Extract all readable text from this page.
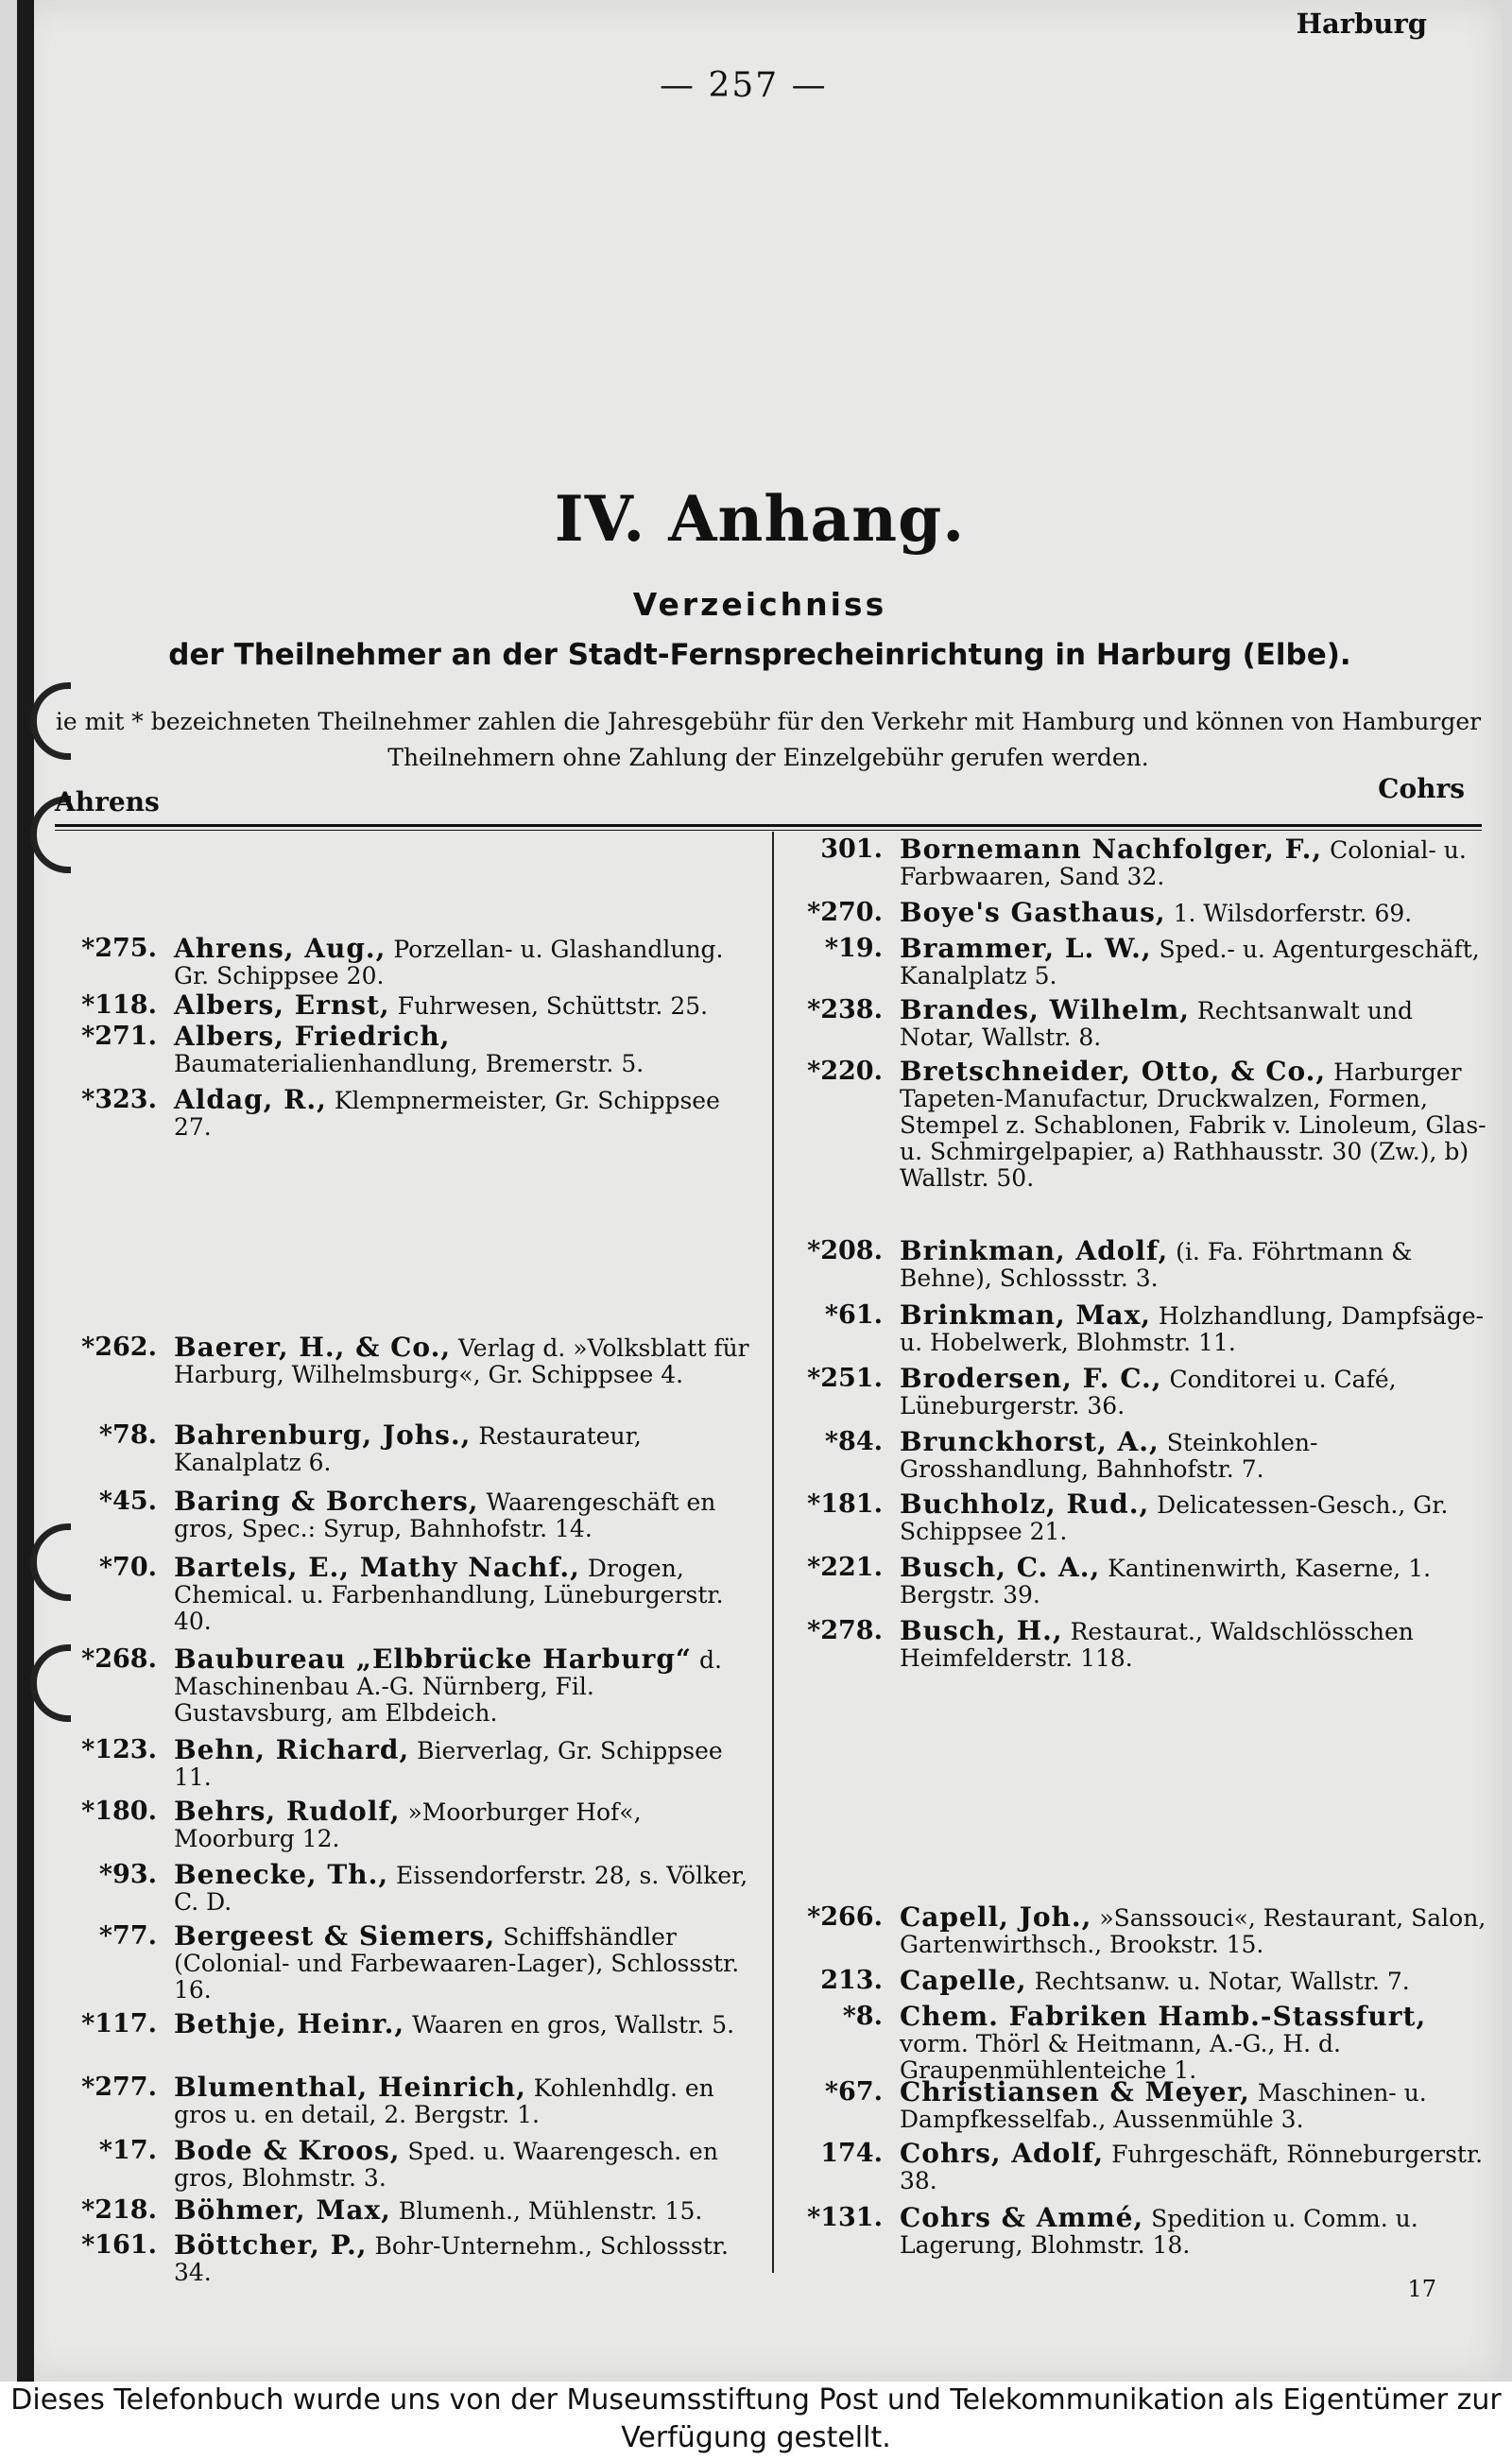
Harburg
— 257 —
IV. Anhang.
Verzeichniss
der Theilnehmer an der Stadt-Fernsprecheinrichtung in Harburg (Elbe).
ie mit * bezeichneten Theilnehmer zahlen die Jahresgebühr für den Verkehr mit Hamburg und können von Hamburger Theilnehmern ohne Zahlung der Einzelgebühr gerufen werden.
Ahrens	Cohrs
*275. Ahrens, Aug., Porzellan- u. Glashandlung. Gr. Schippsee 20.
*118. Albers, Ernst, Fuhrwesen, Schüttstr. 25.
*271. Albers, Friedrich, Baumaterialienhandlung, Bremerstr. 5.
*323. Aldag, R., Klempnermeister, Gr. Schippsee 27.
*262. Baerer, H., & Co., Verlag d. »Volksblatt für Harburg, Wilhelmsburg«, Gr. Schippsee 4.
*78. Bahrenburg, Johs., Restaurateur, Kanalplatz 6.
*45. Baring & Borchers, Waarengeschäft en gros, Spec.: Syrup, Bahnhofstr. 14.
*70. Bartels, E., Mathy Nachf., Drogen, Chemical. u. Farbenhandlung, Lüneburgerstr. 40.
*268. Baubureau „Elbbrücke Harburg“ d. Maschinenbau A.-G. Nürnberg, Fil. Gustavsburg, am Elbdeich.
*123. Behn, Richard, Bierverlag, Gr. Schippsee 11.
*180. Behrs, Rudolf, »Moorburger Hof«, Moorburg 12.
*93. Benecke, Th., Eissendorferstr. 28, s. Völker, C. D.
*77. Bergeest & Siemers, Schiffshändler (Colonial- und Farbewaaren-Lager), Schlossstr. 16.
*117. Bethje, Heinr., Waaren en gros, Wallstr. 5.
*277. Blumenthal, Heinrich, Kohlenhdlg. en gros u. en detail, 2. Bergstr. 1.
*17. Bode & Kroos, Sped. u. Waarengesch. en gros, Blohmstr. 3.
*218. Böhmer, Max, Blumenh., Mühlenstr. 15.
*161. Böttcher, P., Bohr-Unternehm., Schlossstr. 34.
301. Bornemann Nachfolger, F., Colonial- u. Farbwaaren, Sand 32.
*270. Boye's Gasthaus, 1. Wilsdorferstr. 69.
*19. Brammer, L. W., Sped.- u. Agenturgeschäft, Kanalplatz 5.
*238. Brandes, Wilhelm, Rechtsanwalt und Notar, Wallstr. 8.
*220. Bretschneider, Otto, & Co., Harburger Tapeten-Manufactur, Druckwalzen, Formen, Stempel z. Schablonen, Fabrik v. Linoleum, Glas- u. Schmirgelpapier, a) Rathhausstr. 30 (Zw.), b) Wallstr. 50.
*208. Brinkman, Adolf, (i. Fa. Föhrtmann & Behne), Schlossstr. 3.
*61. Brinkman, Max, Holzhandlung, Dampfsäge- u. Hobelwerk, Blohmstr. 11.
*251. Brodersen, F. C., Conditorei u. Café, Lüneburgerstr. 36.
*84. Brunckhorst, A., Steinkohlen-Grosshandlung, Bahnhofstr. 7.
*181. Buchholz, Rud., Delicatessen-Gesch., Gr. Schippsee 21.
*221. Busch, C. A., Kantinenwirth, Kaserne, 1. Bergstr. 39.
*278. Busch, H., Restaurat., Waldschlösschen Heimfelderstr. 118.
*266. Capell, Joh., »Sanssouci«, Restaurant, Salon, Gartenwirthsch., Brookstr. 15.
213. Capelle, Rechtsanw. u. Notar, Wallstr. 7.
*8. Chem. Fabriken Hamb.-Stassfurt, vorm. Thörl & Heitmann, A.-G., H. d. Graupenmühlenteiche 1.
*67. Christiansen & Meyer, Maschinen- u. Dampfkesselfab., Aussenmühle 3.
174. Cohrs, Adolf, Fuhrgeschäft, Rönneburgerstr. 38.
*131. Cohrs & Ammé, Spedition u. Comm. u. Lagerung, Blohmstr. 18.
17
Dieses Telefonbuch wurde uns von der Museumsstiftung Post und Telekommunikation als Eigentümer zur Verfügung gestellt.
